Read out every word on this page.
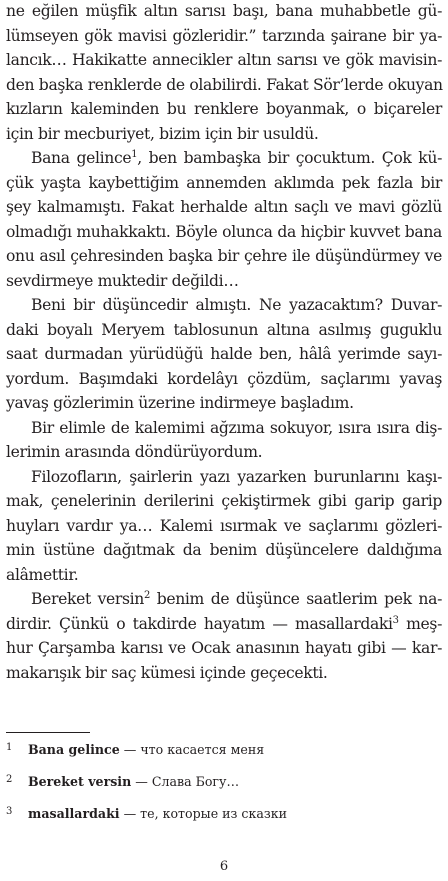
ne eğilen müşfik altın sarısı başı, bana muhabbetle gü-
lümseyen gök mavisi gözleridir.” tarzında şairane bir ya-
lancık… Hakikatte annecikler altın sarısı ve gök mavisin-
den başka renklerde de olabilirdi. Fakat Sör’lerde okuyan
kızların kaleminden bu renklere boyanmak, o biçareler
için bir mecburiyet, bizim için bir usuldü.
Bana gelince$^1$, ben bambaşka bir çocuktum. Çok kü-
çük yaşta kaybettiğim annemden aklımda pek fazla bir
şey kalmamıştı. Fakat herhalde altın saçlı ve mavi gözlü
olmadığı muhakkaktı. Böyle olunca da hiçbir kuvvet bana
onu asıl çehresinden başka bir çehre ile düşündürmey ve
sevdirmeye muktedir değildi…
Beni bir düşüncedir almıştı. Ne yazacaktım? Duvar-
daki boyalı Meryem tablosunun altına asılmış guguklu
saat durmadan yürüdüğü halde ben, hâlâ yerimde sayı-
yordum. Başımdaki kordelâyı çözdüm, saçlarımı yavaş
yavaş gözlerimin üzerine indirmeye başladım.
Bir elimle de kalemimi ağzıma sokuyor, ısıra ısıra diş-
lerimin arasında döndürüyordum.
Filozofların, şairlerin yazı yazarken burunlarını kaşı-
mak, çenelerinin derilerini çekiştirmek gibi garip garip
huyları vardır ya… Kalemi ısırmak ve saçlarımı gözleri-
min üstüne dağıtmak da benim düşüncelere daldığıma
alâmettir.
Bereket versin$^2$ benim de düşünce saatlerim pek na-
dirdir. Çünkü o takdirde hayatım — masallardaki$^3$ meş-
hur Çarşamba karısı ve Ocak anasının hayatı gibi — kar-
makarışık bir saç kümesi içinde geçecekti.
1 Bana gelince — что касается меня
2 Bereket versin — Слава Богу…
3 masallardaki — те, которые из сказки
6
